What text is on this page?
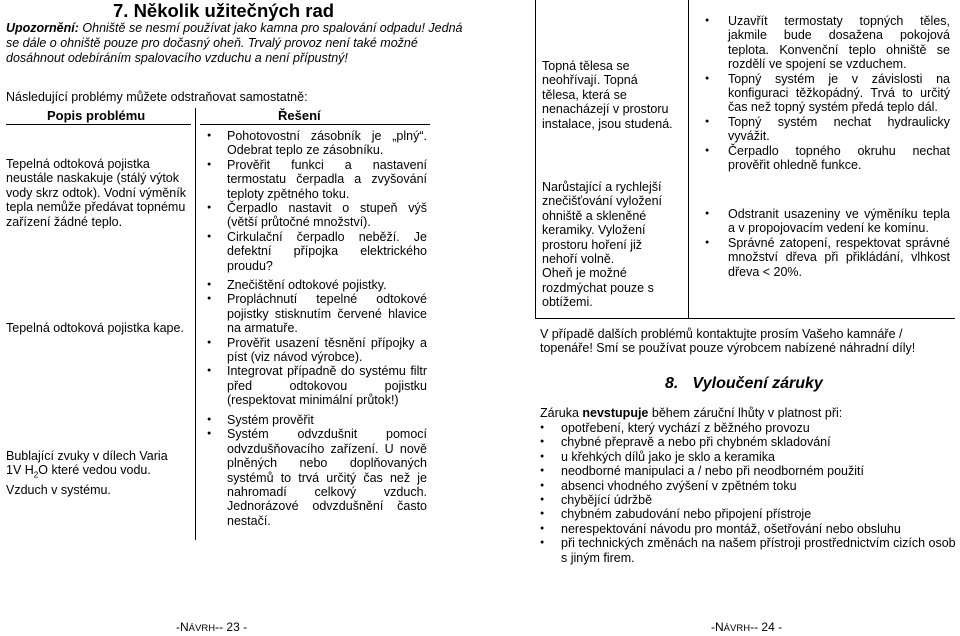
7. Několik užitečných rad
Upozornění: Ohniště se nesmí používat jako kamna pro spalování odpadu! Jedná se dále o ohniště pouze pro dočasný oheň. Trvalý provoz není také možné dosáhnout odebíráním spalovacího vzduchu a není přípustný!
Následující problémy můžete odstraňovat samostatně:
Popis problému	Řešení
Tepelná odtoková pojistka neustále naskakuje (stálý výtok vody skrz odtok). Vodní výměník tepla nemůže předávat topnému zařízení žádné teplo.
● Pohotovostní zásobník je „plný“. Odebrat teplo ze zásobníku.
● Prověřit funkci a nastavení termostatu čerpadla a zvyšování teploty zpětného toku.
● Čerpadlo nastavit o stupeň výš (větší průtočné množství).
● Cirkulační čerpadlo neběží. Je defektní přípojka elektrického proudu?
Tepelná odtoková pojistka kape.
● Znečištění odtokové pojistky.
● Propláchnutí tepelné odtokové pojistky stisknutím červené hlavice na armatuře.
● Prověřit usazení těsnění přípojky a píst (viz návod výrobce).
● Integrovat případně do systému filtr před odtokovou pojistku (respektovat minimální průtok!)
Bublající zvuky v dílech Varia 1V $H_2O$ které vedou vodu. Vzduch v systému.
● Systém prověřit
● Systém odvzdušnit pomocí odvzdušňovacího zařízení. U nově plněných nebo doplňovaných systémů to trvá určitý čas než je nahromadí celkový vzduch. Jednorázové odvzdušnění často nestačí.
-NÁVRH-- 23 -
Topná tělesa se neohřívají. Topná tělesa, která se nenacházejí v prostoru instalace, jsou studená.
● Uzavřít termostaty topných těles, jakmile bude dosažena pokojová teplota. Konvenční teplo ohniště se rozdělí ve spojení se vzduchem.
● Topný systém je v závislosti na konfiguraci těžkopádný. Trvá to určitý čas než topný systém předá teplo dál.
● Topný systém nechat hydraulicky vyvážit.
● Čerpadlo topného okruhu nechat prověřit ohledně funkce.
Narůstající a rychlejší znečišťování vyložení ohniště a skleněné keramiky. Vyložení prostoru hoření již nehoří volně.
Oheň je možné rozdmýchat pouze s obtížemi.
● Odstranit usazeniny ve výměníku tepla a v propojovacím vedení ke komínu.
● Správné zatopení, respektovat správné množství dřeva při přikládání, vlhkost dřeva < 20%.
V případě dalších problémů kontaktujte prosím Vašeho kamnáře / topenáře! Smí se používat pouze výrobcem nabízené náhradní díly!
8. Vyloučení záruky
Záruka nevstupuje během záruční lhůty v platnost při:
● opotřebení, který vychází z běžného provozu
● chybné přepravě a nebo při chybném skladování
● u křehkých dílů jako je sklo a keramika
● neodborné manipulaci a / nebo při neodborném použití
● absenci vhodného zvýšení v zpětném toku
● chybějící údržbě
● chybném zabudování nebo připojení přístroje
● nerespektování návodu pro montáž, ošetřování nebo obsluhu
● při technických změnách na našem přístroji prostřednictvím cizích osob s jiným firem.
-NÁVRH-- 24 -
